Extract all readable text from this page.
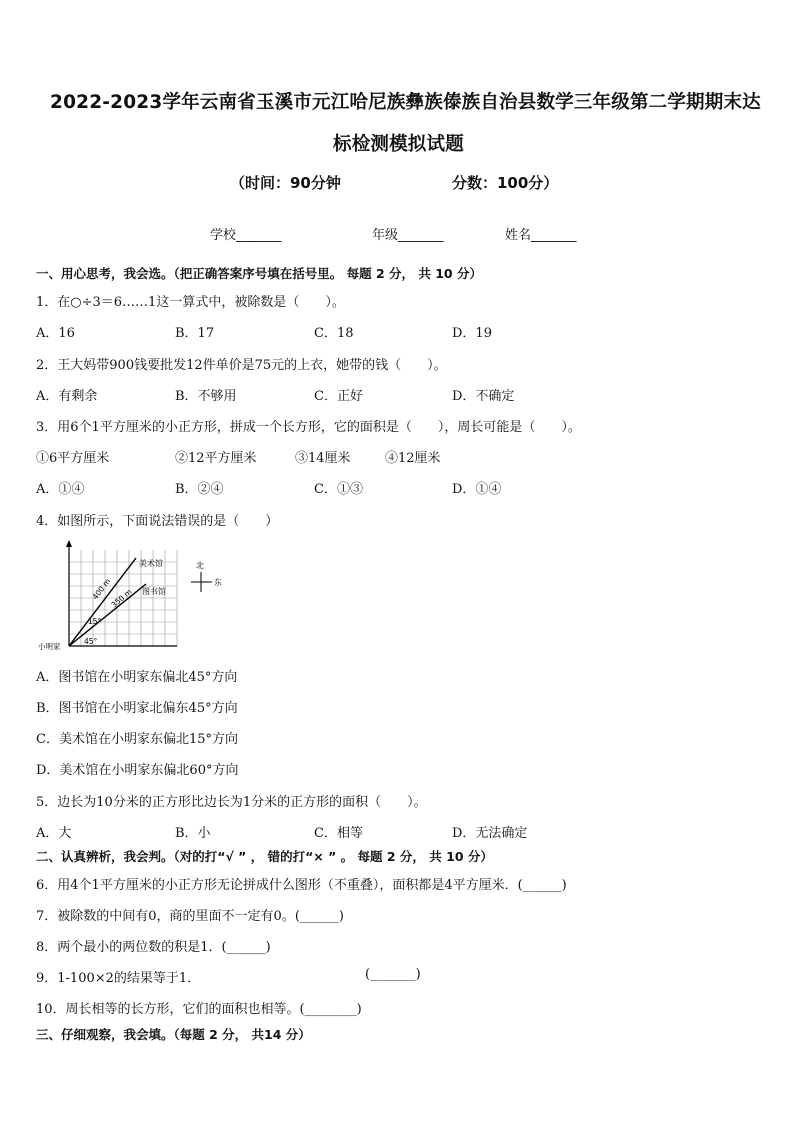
2022-2023学年云南省玉溪市元江哈尼族彝族傣族自治县数学三年级第二学期期末达
标检测模拟试题
（时间：90分钟	分数：100分）
学校_______	年级_______	姓名_______
一、用心思考，我会选。（把正确答案序号填在括号里。 每题 2 分， 共 10 分）
1．在○÷3＝6……1这一算式中，被除数是（　　）。
A．16	B．17	C．18	D．19
2．王大妈带900钱要批发12件单价是75元的上衣，她带的钱（　　）。
A．有剩余	B．不够用	C．正好	D．不确定
3．用6个1平方厘米的小正方形，拼成一个长方形，它的面积是（　　），周长可能是（　　）。
①6平方厘米	②12平方厘米	③14厘米	④12厘米
A．①④	B．②④	C．①③	D．①④
4．如图所示，下面说法错误的是（　　）
美术馆
图书馆
小明家
400 m
350 m
15°
45°
北
东
A．图书馆在小明家东偏北45°方向
B．图书馆在小明家北偏东45°方向
C．美术馆在小明家东偏北15°方向
D．美术馆在小明家东偏北60°方向
5．边长为10分米的正方形比边长为1分米的正方形的面积（　　）。
A．大	B．小	C．相等	D．无法确定
二、认真辨析，我会判。（对的打“√ ” ， 错的打“× ” 。 每题 2 分， 共 10 分）
6．用4个1平方厘米的小正方形无论拼成什么图形（不重叠），面积都是4平方厘米．(______)
7．被除数的中间有0，商的里面不一定有0。(______)
8．两个最小的两位数的积是1．(______)
9．1-100×2的结果等于1．	(_______)
10．周长相等的长方形，它们的面积也相等。(________)
三、仔细观察，我会填。（每题 2 分， 共14 分）
